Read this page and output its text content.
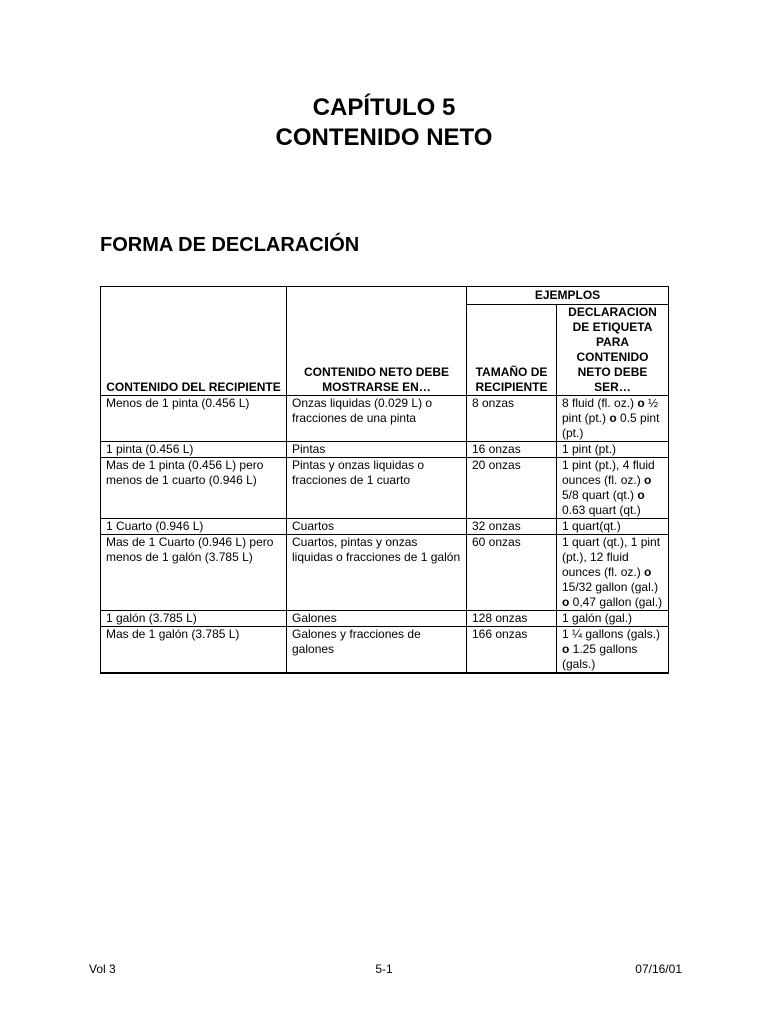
CAPÍTULO 5
CONTENIDO NETO
FORMA DE DECLARACIÓN
CONTENIDO DEL RECIPIENTE	CONTENIDO NETO DEBE MOSTRARSE EN…	EJEMPLOS	
		TAMAÑO DE RECIPIENTE	DECLARACION DE ETIQUETA PARA CONTENIDO NETO DEBE SER…
Menos de 1 pinta (0.456 L)	Onzas liquidas (0.029 L) o fracciones de una pinta	8 onzas	8 fluid (fl. oz.) o ½ pint (pt.) o 0.5 pint (pt.)
1 pinta (0.456 L)	Pintas	16 onzas	1 pint (pt.)
Mas de 1 pinta (0.456 L) pero menos de 1 cuarto (0.946 L)	Pintas y onzas liquidas o fracciones de 1 cuarto	20 onzas	1 pint (pt.), 4 fluid ounces (fl. oz.) o 5/8 quart (qt.) o 0.63 quart (qt.)
1 Cuarto (0.946 L)	Cuartos	32 onzas	1 quart(qt.)
Mas de 1 Cuarto (0.946 L) pero menos de 1 galón (3.785 L)	Cuartos, pintas y onzas liquidas o fracciones de 1 galón	60 onzas	1 quart (qt.), 1 pint (pt.), 12 fluid ounces (fl. oz.) o 15/32 gallon (gal.) o 0,47 gallon (gal.)
1 galón (3.785 L)	Galones	128 onzas	1 galón (gal.)
Mas de 1 galón (3.785 L)	Galones y fracciones de galones	166 onzas	1 ¼ gallons (gals.) o 1.25 gallons (gals.)
Vol 3	5-1	07/16/01
